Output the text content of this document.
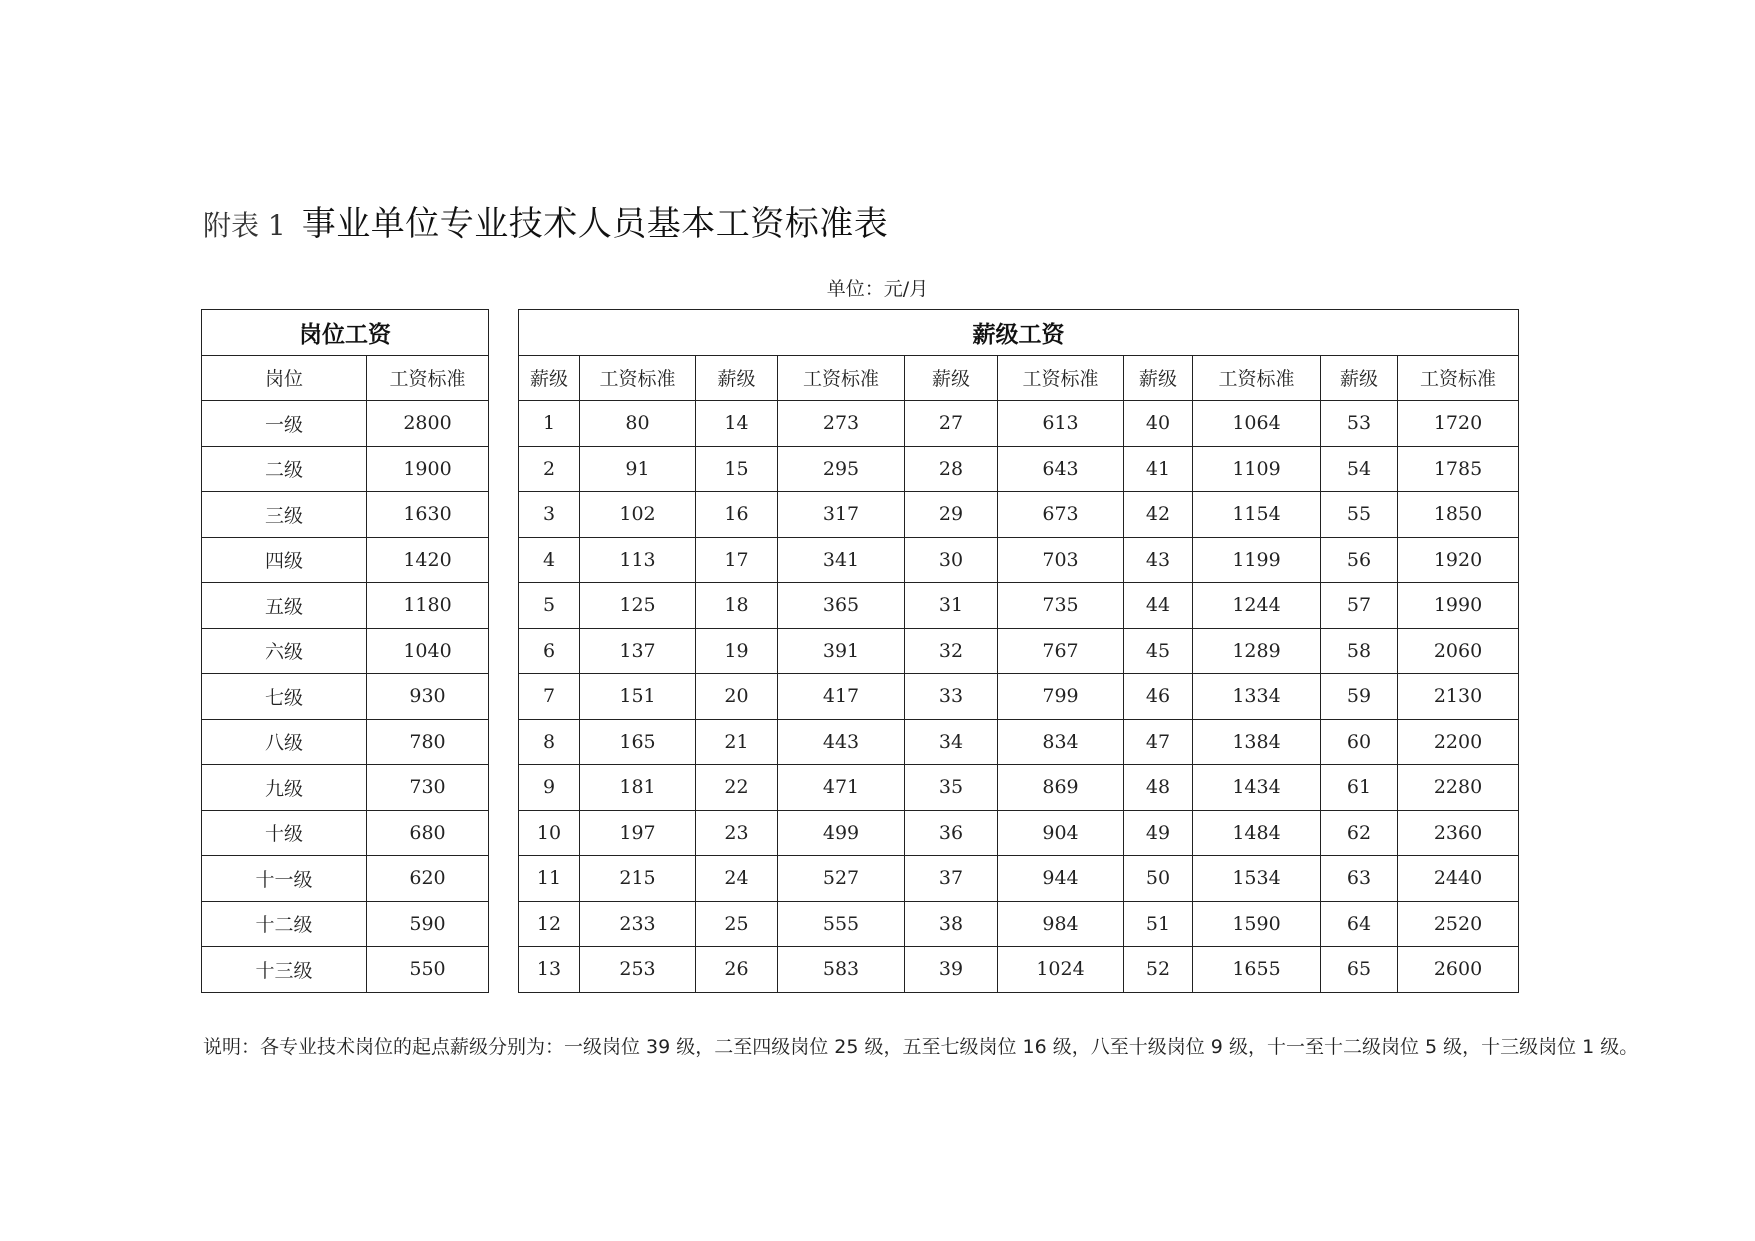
附表 1 事业单位专业技术人员基本工资标准表
单位：元/月
岗位工资	
岗位	工资标准
一级	2800
二级	1900
三级	1630
四级	1420
五级	1180
六级	1040
七级	930
八级	780
九级	730
十级	680
十一级	620
十二级	590
十三级	550
薪级工资									
薪级	工资标准	薪级	工资标准	薪级	工资标准	薪级	工资标准	薪级	工资标准
1	80	14	273	27	613	40	1064	53	1720
2	91	15	295	28	643	41	1109	54	1785
3	102	16	317	29	673	42	1154	55	1850
4	113	17	341	30	703	43	1199	56	1920
5	125	18	365	31	735	44	1244	57	1990
6	137	19	391	32	767	45	1289	58	2060
7	151	20	417	33	799	46	1334	59	2130
8	165	21	443	34	834	47	1384	60	2200
9	181	22	471	35	869	48	1434	61	2280
10	197	23	499	36	904	49	1484	62	2360
11	215	24	527	37	944	50	1534	63	2440
12	233	25	555	38	984	51	1590	64	2520
13	253	26	583	39	1024	52	1655	65	2600
说明：各专业技术岗位的起点薪级分别为：一级岗位 39 级，二至四级岗位 25 级，五至七级岗位 16 级，八至十级岗位 9 级，十一至十二级岗位 5 级，十三级岗位 1 级。
